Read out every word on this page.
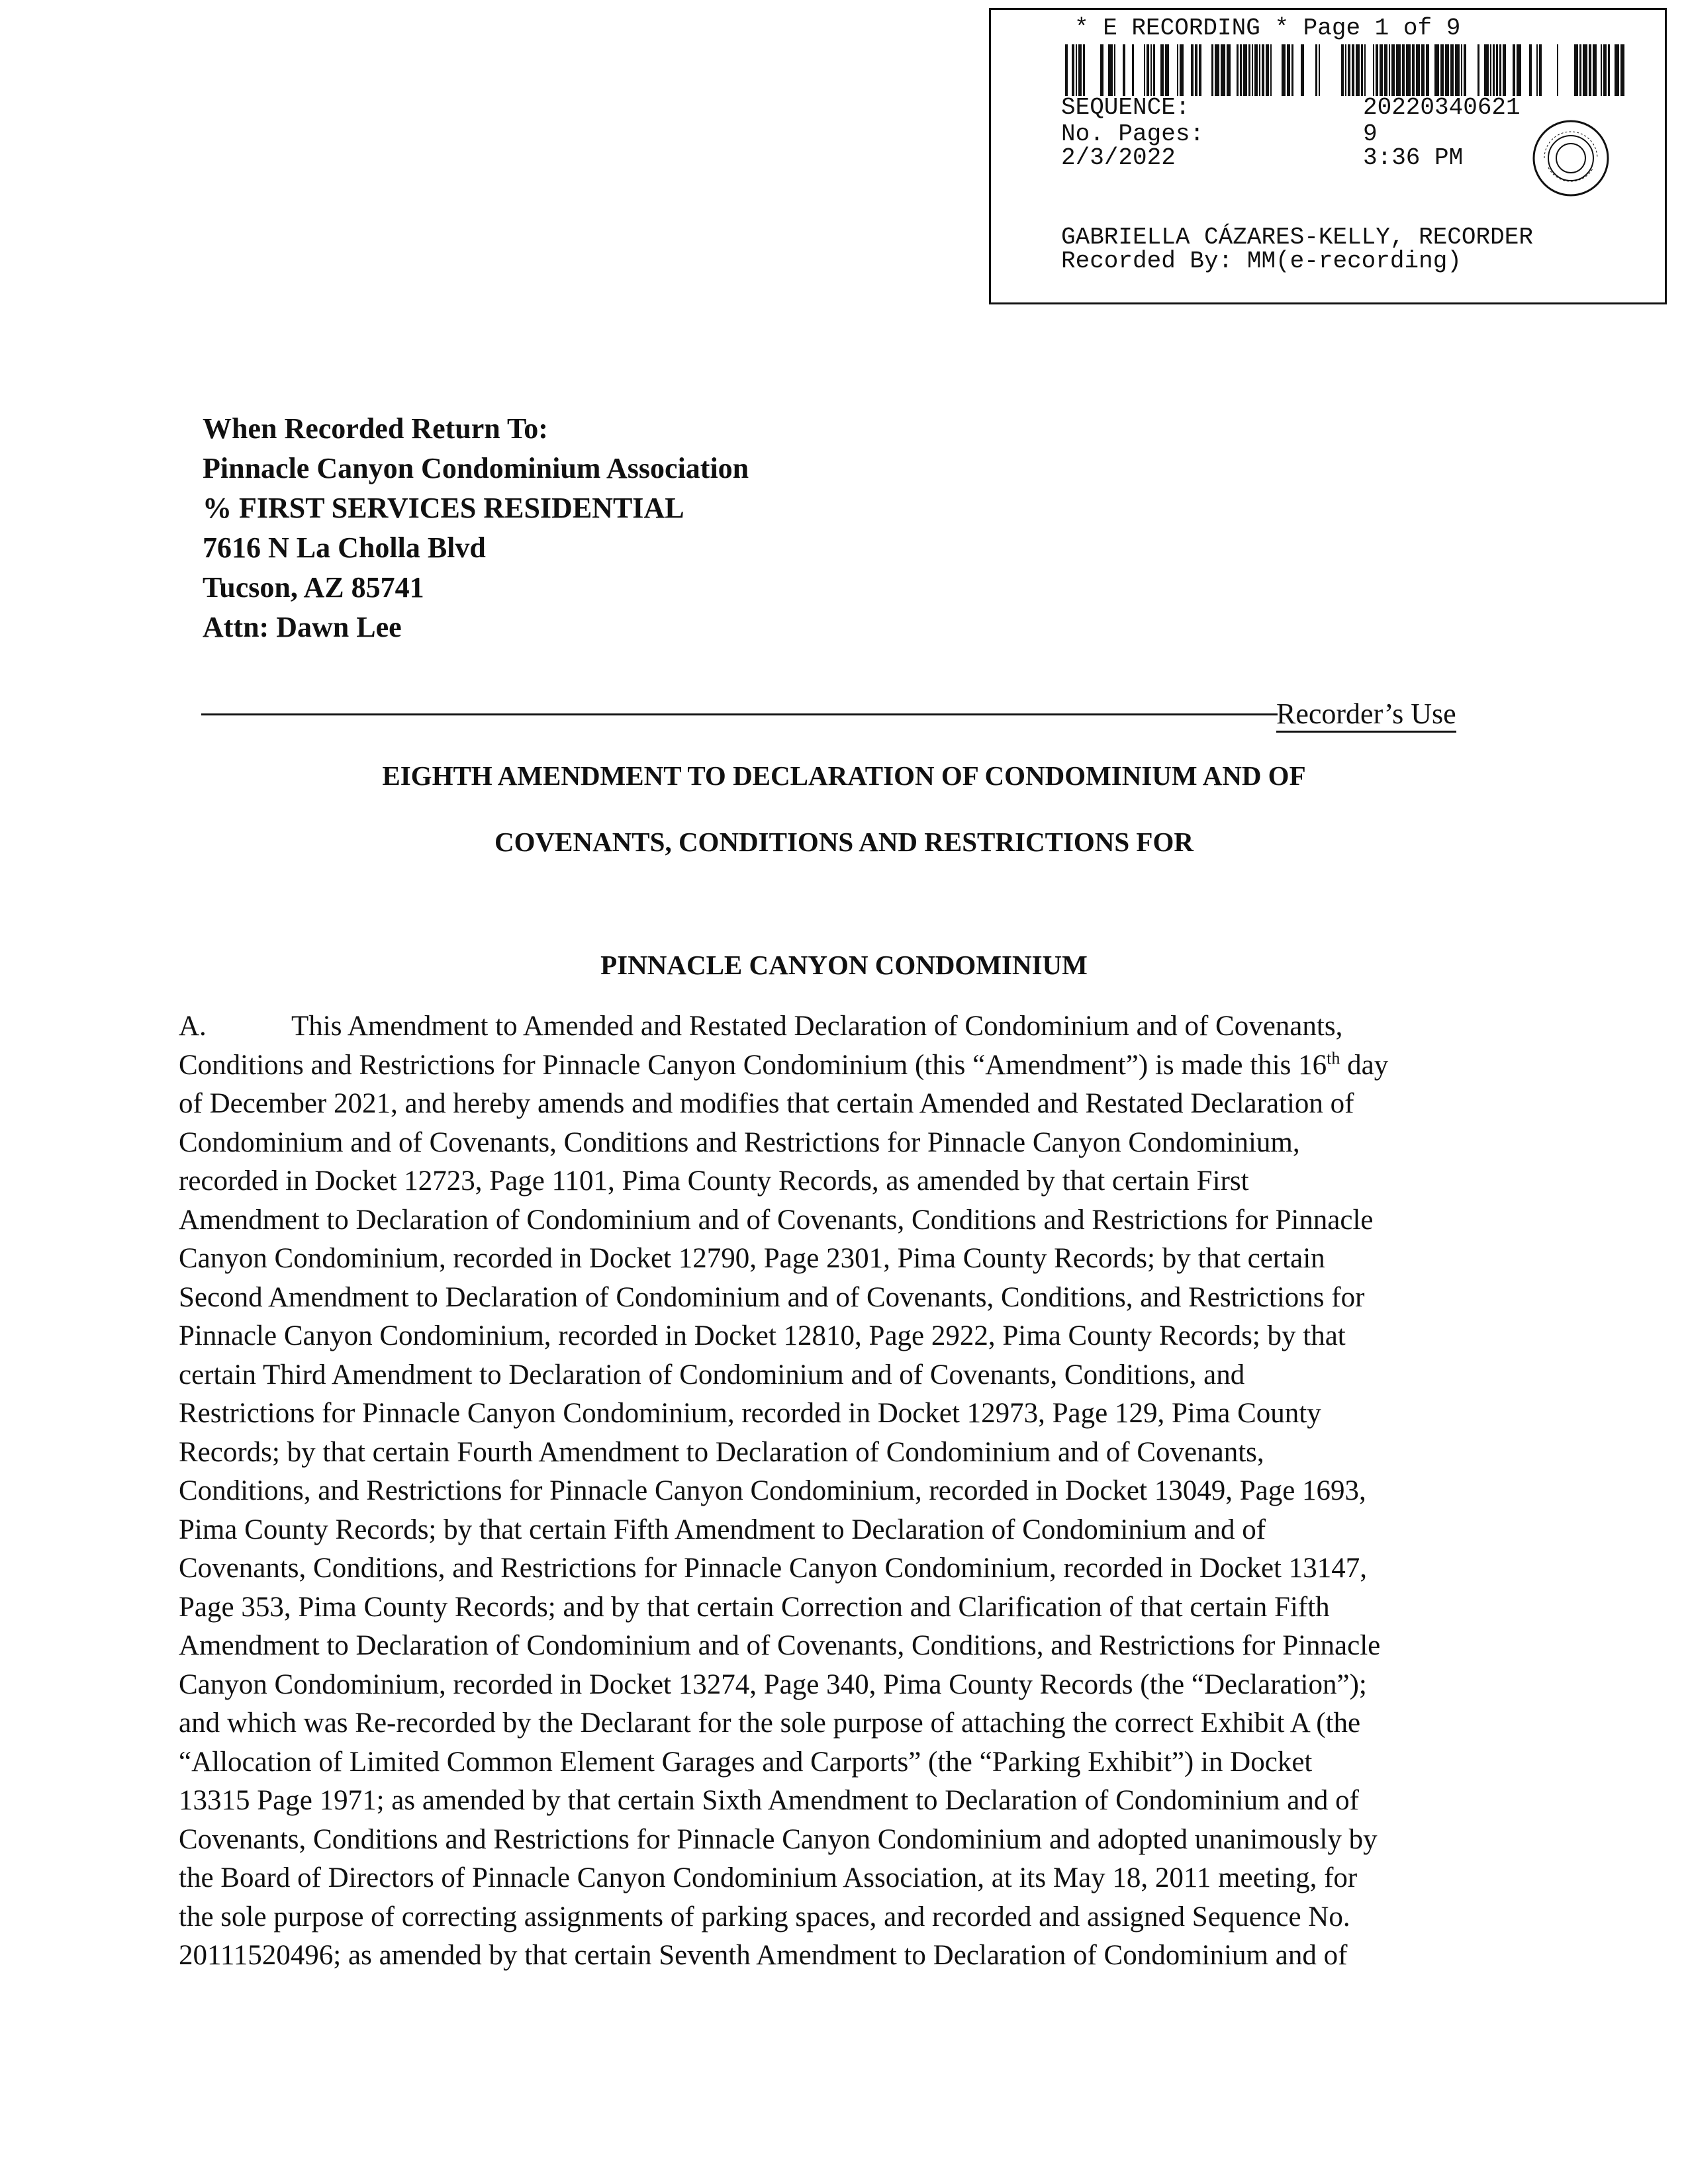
* E RECORDING * Page 1 of 9
SEQUENCE:	20220340621
No. Pages:	9
2/3/2022	3:36 PM
GABRIELLA CÁZARES-KELLY, RECORDER
Recorded By: MM(e-recording)
When Recorded Return To:
Pinnacle Canyon Condominium Association
% FIRST SERVICES RESIDENTIAL
7616 N La Cholla Blvd
Tucson, AZ 85741
Attn: Dawn Lee
Recorder’s Use
EIGHTH AMENDMENT TO DECLARATION OF CONDOMINIUM AND OF
COVENANTS, CONDITIONS AND RESTRICTIONS FOR
PINNACLE CANYON CONDOMINIUM
A.	This Amendment to Amended and Restated Declaration of Condominium and of Covenants,
Conditions and Restrictions for Pinnacle Canyon Condominium (this “Amendment”) is made this 16th day
of December 2021, and hereby amends and modifies that certain Amended and Restated Declaration of
Condominium and of Covenants, Conditions and Restrictions for Pinnacle Canyon Condominium,
recorded in Docket 12723, Page 1101, Pima County Records, as amended by that certain First
Amendment to Declaration of Condominium and of Covenants, Conditions and Restrictions for Pinnacle
Canyon Condominium, recorded in Docket 12790, Page 2301, Pima County Records; by that certain
Second Amendment to Declaration of Condominium and of Covenants, Conditions, and Restrictions for
Pinnacle Canyon Condominium, recorded in Docket 12810, Page 2922, Pima County Records; by that
certain Third Amendment to Declaration of Condominium and of Covenants, Conditions, and
Restrictions for Pinnacle Canyon Condominium, recorded in Docket 12973, Page 129, Pima County
Records; by that certain Fourth Amendment to Declaration of Condominium and of Covenants,
Conditions, and Restrictions for Pinnacle Canyon Condominium, recorded in Docket 13049, Page 1693,
Pima County Records; by that certain Fifth Amendment to Declaration of Condominium and of
Covenants, Conditions, and Restrictions for Pinnacle Canyon Condominium, recorded in Docket 13147,
Page 353, Pima County Records; and by that certain Correction and Clarification of that certain Fifth
Amendment to Declaration of Condominium and of Covenants, Conditions, and Restrictions for Pinnacle
Canyon Condominium, recorded in Docket 13274, Page 340, Pima County Records (the “Declaration”);
and which was Re-recorded by the Declarant for the sole purpose of attaching the correct Exhibit A (the
“Allocation of Limited Common Element Garages and Carports” (the “Parking Exhibit”) in Docket
13315 Page 1971; as amended by that certain Sixth Amendment to Declaration of Condominium and of
Covenants, Conditions and Restrictions for Pinnacle Canyon Condominium and adopted unanimously by
the Board of Directors of Pinnacle Canyon Condominium Association, at its May 18, 2011 meeting, for
the sole purpose of correcting assignments of parking spaces, and recorded and assigned Sequence No.
20111520496; as amended by that certain Seventh Amendment to Declaration of Condominium and of
